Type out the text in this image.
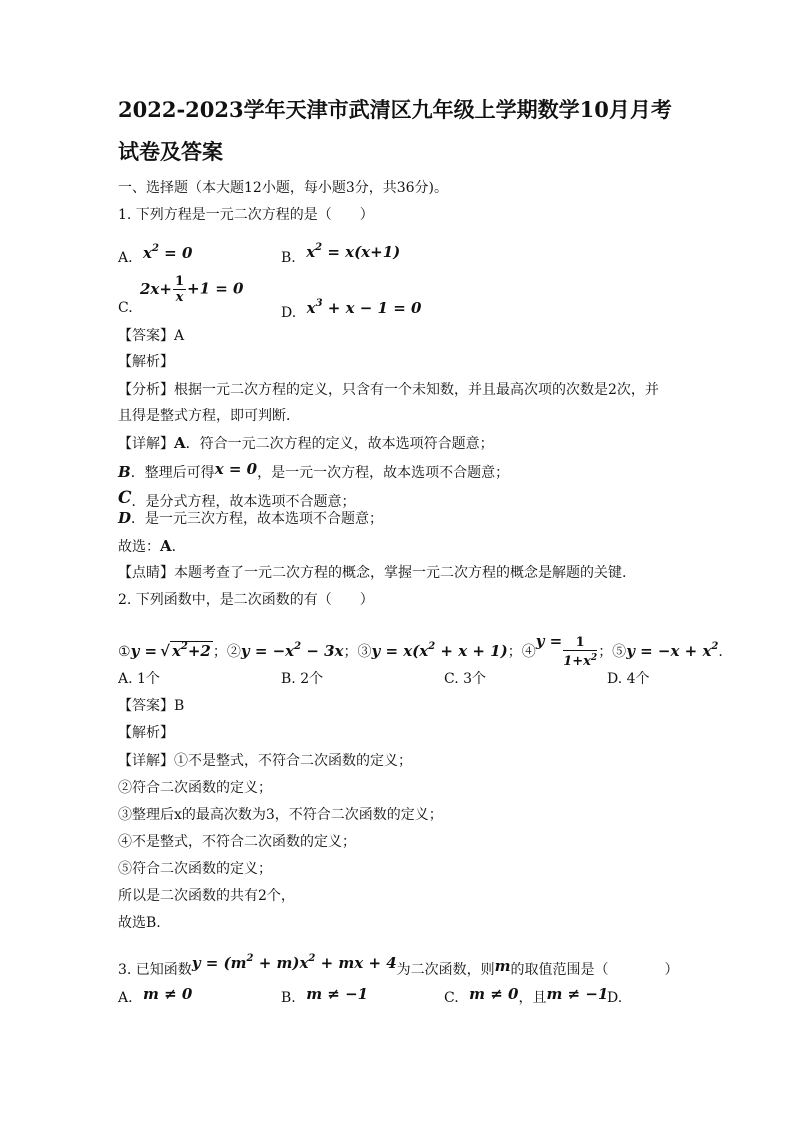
2022-2023学年天津市武清区九年级上学期数学10月月考
试卷及答案
一、选择题（本大题12小题，每小题3分，共36分)。
1. 下列方程是一元二次方程的是（　　）
A. $x^2 = 0$	B. $x^2 = x(x+1)$
C.
$2x+ \frac{1}{x} +1 = 0$
D. $x^3 + x - 1 = 0$
【答案】A
【解析】
【分析】根据一元二次方程的定义，只含有一个未知数，并且最高次项的次数是2次，并
且得是整式方程，即可判断．
【详解】A．符合一元二次方程的定义，故本选项符合题意；
B．整理后可得x = 0，是一元一次方程，故本选项不合题意；
C．是分式方程，故本选项不合题意；
D．是一元三次方程，故本选项不合题意；
故选：A．
【点睛】本题考查了一元二次方程的概念，掌握一元二次方程的概念是解题的关键.
2. 下列函数中，是二次函数的有（　　）
①y = √ $x^2+2$ ；②y = $-x^2 - 3x$；③y = $x(x^2 + x + 1)$；④y = $\frac{1}{1+x^2}$ ；⑤y = $-x + x^2$.
A. 1个	B. 2个	C. 3个	D. 4个
【答案】B
【解析】
【详解】①不是整式，不符合二次函数的定义；
②符合二次函数的定义；
③整理后x的最高次数为3，不符合二次函数的定义；
④不是整式，不符合二次函数的定义；
⑤符合二次函数的定义；
所以是二次函数的共有2个，
故选B.
3. 已知函数$y = (m^2 + m)x^2$ + mx + 4为二次函数，则m的取值范围是（　　　　）
A. m ≠ 0	B. m ≠ −1	C. m ≠ 0，且m ≠ −1
D.
